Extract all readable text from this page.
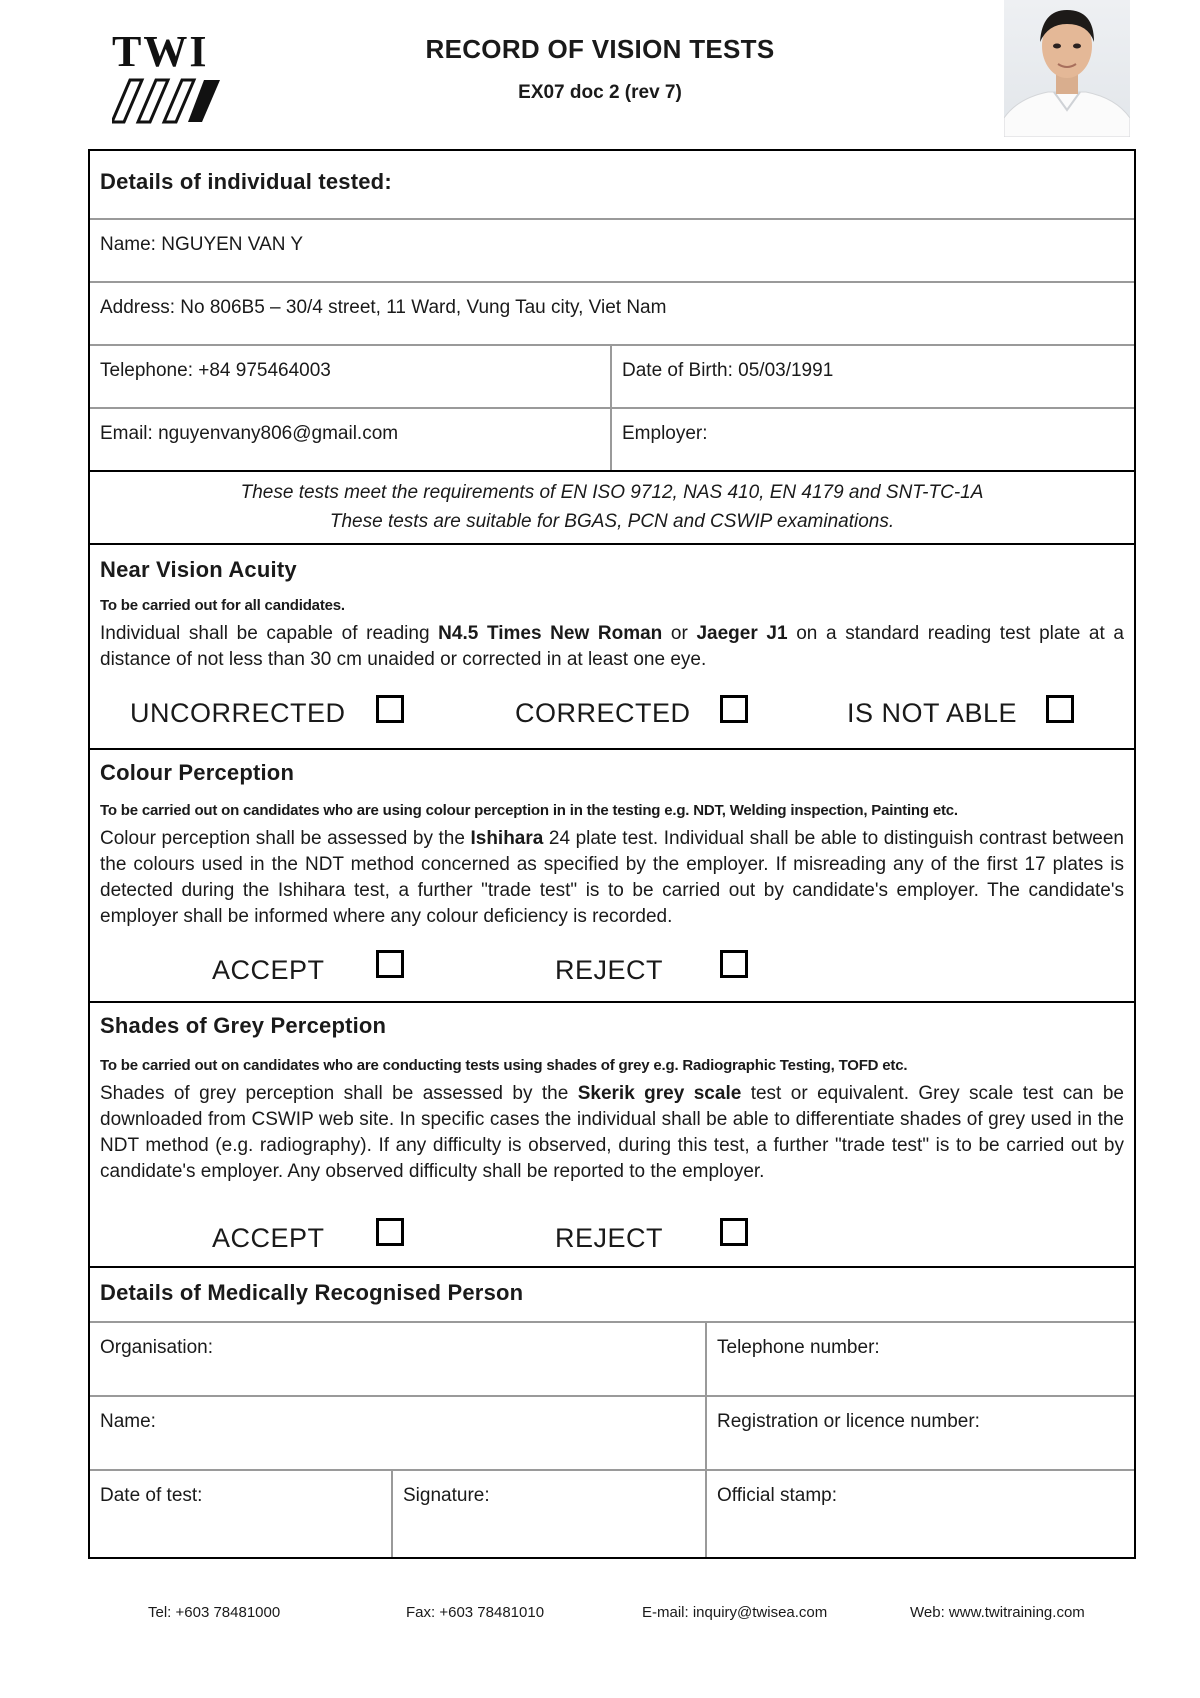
TWI	RECORD OF VISION TESTS
EX07 doc 2 (rev 7)
Details of individual tested:
Name: NGUYEN VAN Y
Address: No 806B5 – 30/4 street, 11 Ward, Vung Tau city, Viet Nam
Telephone: +84 975464003	Date of Birth: 05/03/1991
Email: nguyenvany806@gmail.com	Employer:
These tests meet the requirements of EN ISO 9712, NAS 410, EN 4179 and SNT-TC-1A
These tests are suitable for BGAS, PCN and CSWIP examinations.
Near Vision Acuity
To be carried out for all candidates.
Individual shall be capable of reading N4.5 Times New Roman or Jaeger J1 on a standard reading test plate at a distance of not less than 30 cm unaided or corrected in at least one eye.
UNCORRECTED	CORRECTED	IS NOT ABLE
Colour Perception
To be carried out on candidates who are using colour perception in in the testing e.g. NDT, Welding inspection, Painting etc.
Colour perception shall be assessed by the Ishihara 24 plate test. Individual shall be able to distinguish contrast between the colours used in the NDT method concerned as specified by the employer. If misreading any of the first 17 plates is detected during the Ishihara test, a further "trade test" is to be carried out by candidate's employer. The candidate's employer shall be informed where any colour deficiency is recorded.
ACCEPT	REJECT
Shades of Grey Perception
To be carried out on candidates who are conducting tests using shades of grey e.g. Radiographic Testing, TOFD etc.
Shades of grey perception shall be assessed by the Skerik grey scale test or equivalent. Grey scale test can be downloaded from CSWIP web site. In specific cases the individual shall be able to differentiate shades of grey used in the NDT method (e.g. radiography). If any difficulty is observed, during this test, a further "trade test" is to be carried out by candidate's employer. Any observed difficulty shall be reported to the employer.
ACCEPT	REJECT
Details of Medically Recognised Person
Organisation:	Telephone number:
Name:	Registration or licence number:
Date of test:	Signature:	Official stamp:
Tel: +603 78481000	Fax: +603 78481010	E-mail: inquiry@twisea.com	Web: www.twitraining.com
